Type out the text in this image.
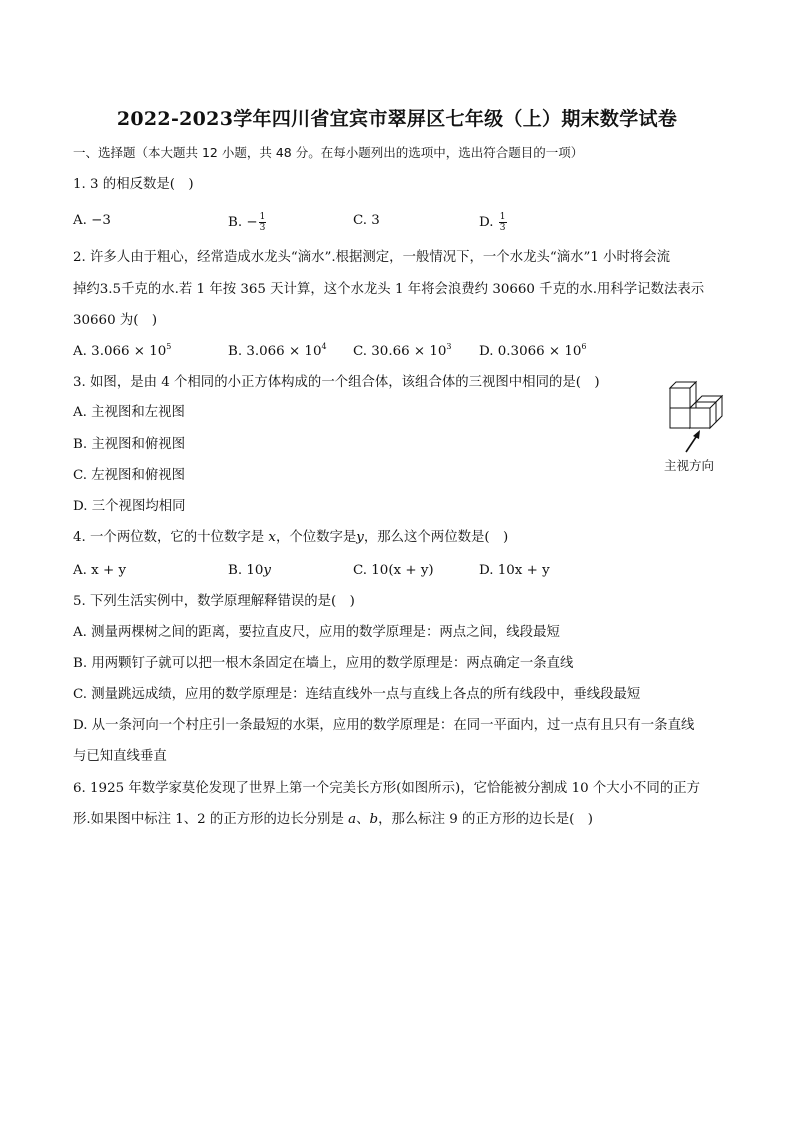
2022-2023学年四川省宜宾市翠屏区七年级（上）期末数学试卷
一、选择题（本大题共 12 小题，共 48 分。在每小题列出的选项中，选出符合题目的一项）
1. 3 的相反数是(　)
A. −3	B. − $\frac{1}{3}$	C. 3	D. $\frac{1}{3}$
2. 许多人由于粗心，经常造成水龙头“滴水”.根据测定，一般情况下，一个水龙头“滴水”1 小时将会流
掉约3.5千克的水.若 1 年按 365 天计算，这个水龙头 1 年将会浪费约 30660 千克的水.用科学记数法表示
30660 为(　)
A. $3.066 \times 10^5$	B. $3.066 \times 10^4$ C. $30.66 \times 10^3$ D. $0.3066 \times 10^6$
3. 如图，是由 4 个相同的小正方体构成的一个组合体，该组合体的三视图中相同的是(　)
A. 主视图和左视图
B. 主视图和俯视图
C. 左视图和俯视图
D. 三个视图均相同
主视方向
4. 一个两位数，它的十位数字是 x，个位数字是y，那么这个两位数是(　)
A. x + y	B. 10y	C. 10(x + y)	D. 10x + y
5. 下列生活实例中，数学原理解释错误的是(　)
A. 测量两棵树之间的距离，要拉直皮尺，应用的数学原理是：两点之间，线段最短
B. 用两颗钉子就可以把一根木条固定在墙上，应用的数学原理是：两点确定一条直线
C. 测量跳远成绩，应用的数学原理是：连结直线外一点与直线上各点的所有线段中，垂线段最短
D. 从一条河向一个村庄引一条最短的水渠，应用的数学原理是：在同一平面内，过一点有且只有一条直线
与已知直线垂直
6. 1925 年数学家莫伦发现了世界上第一个完美长方形(如图所示)，它恰能被分割成 10 个大小不同的正方
形.如果图中标注 1、2 的正方形的边长分别是 a、b，那么标注 9 的正方形的边长是(　)
